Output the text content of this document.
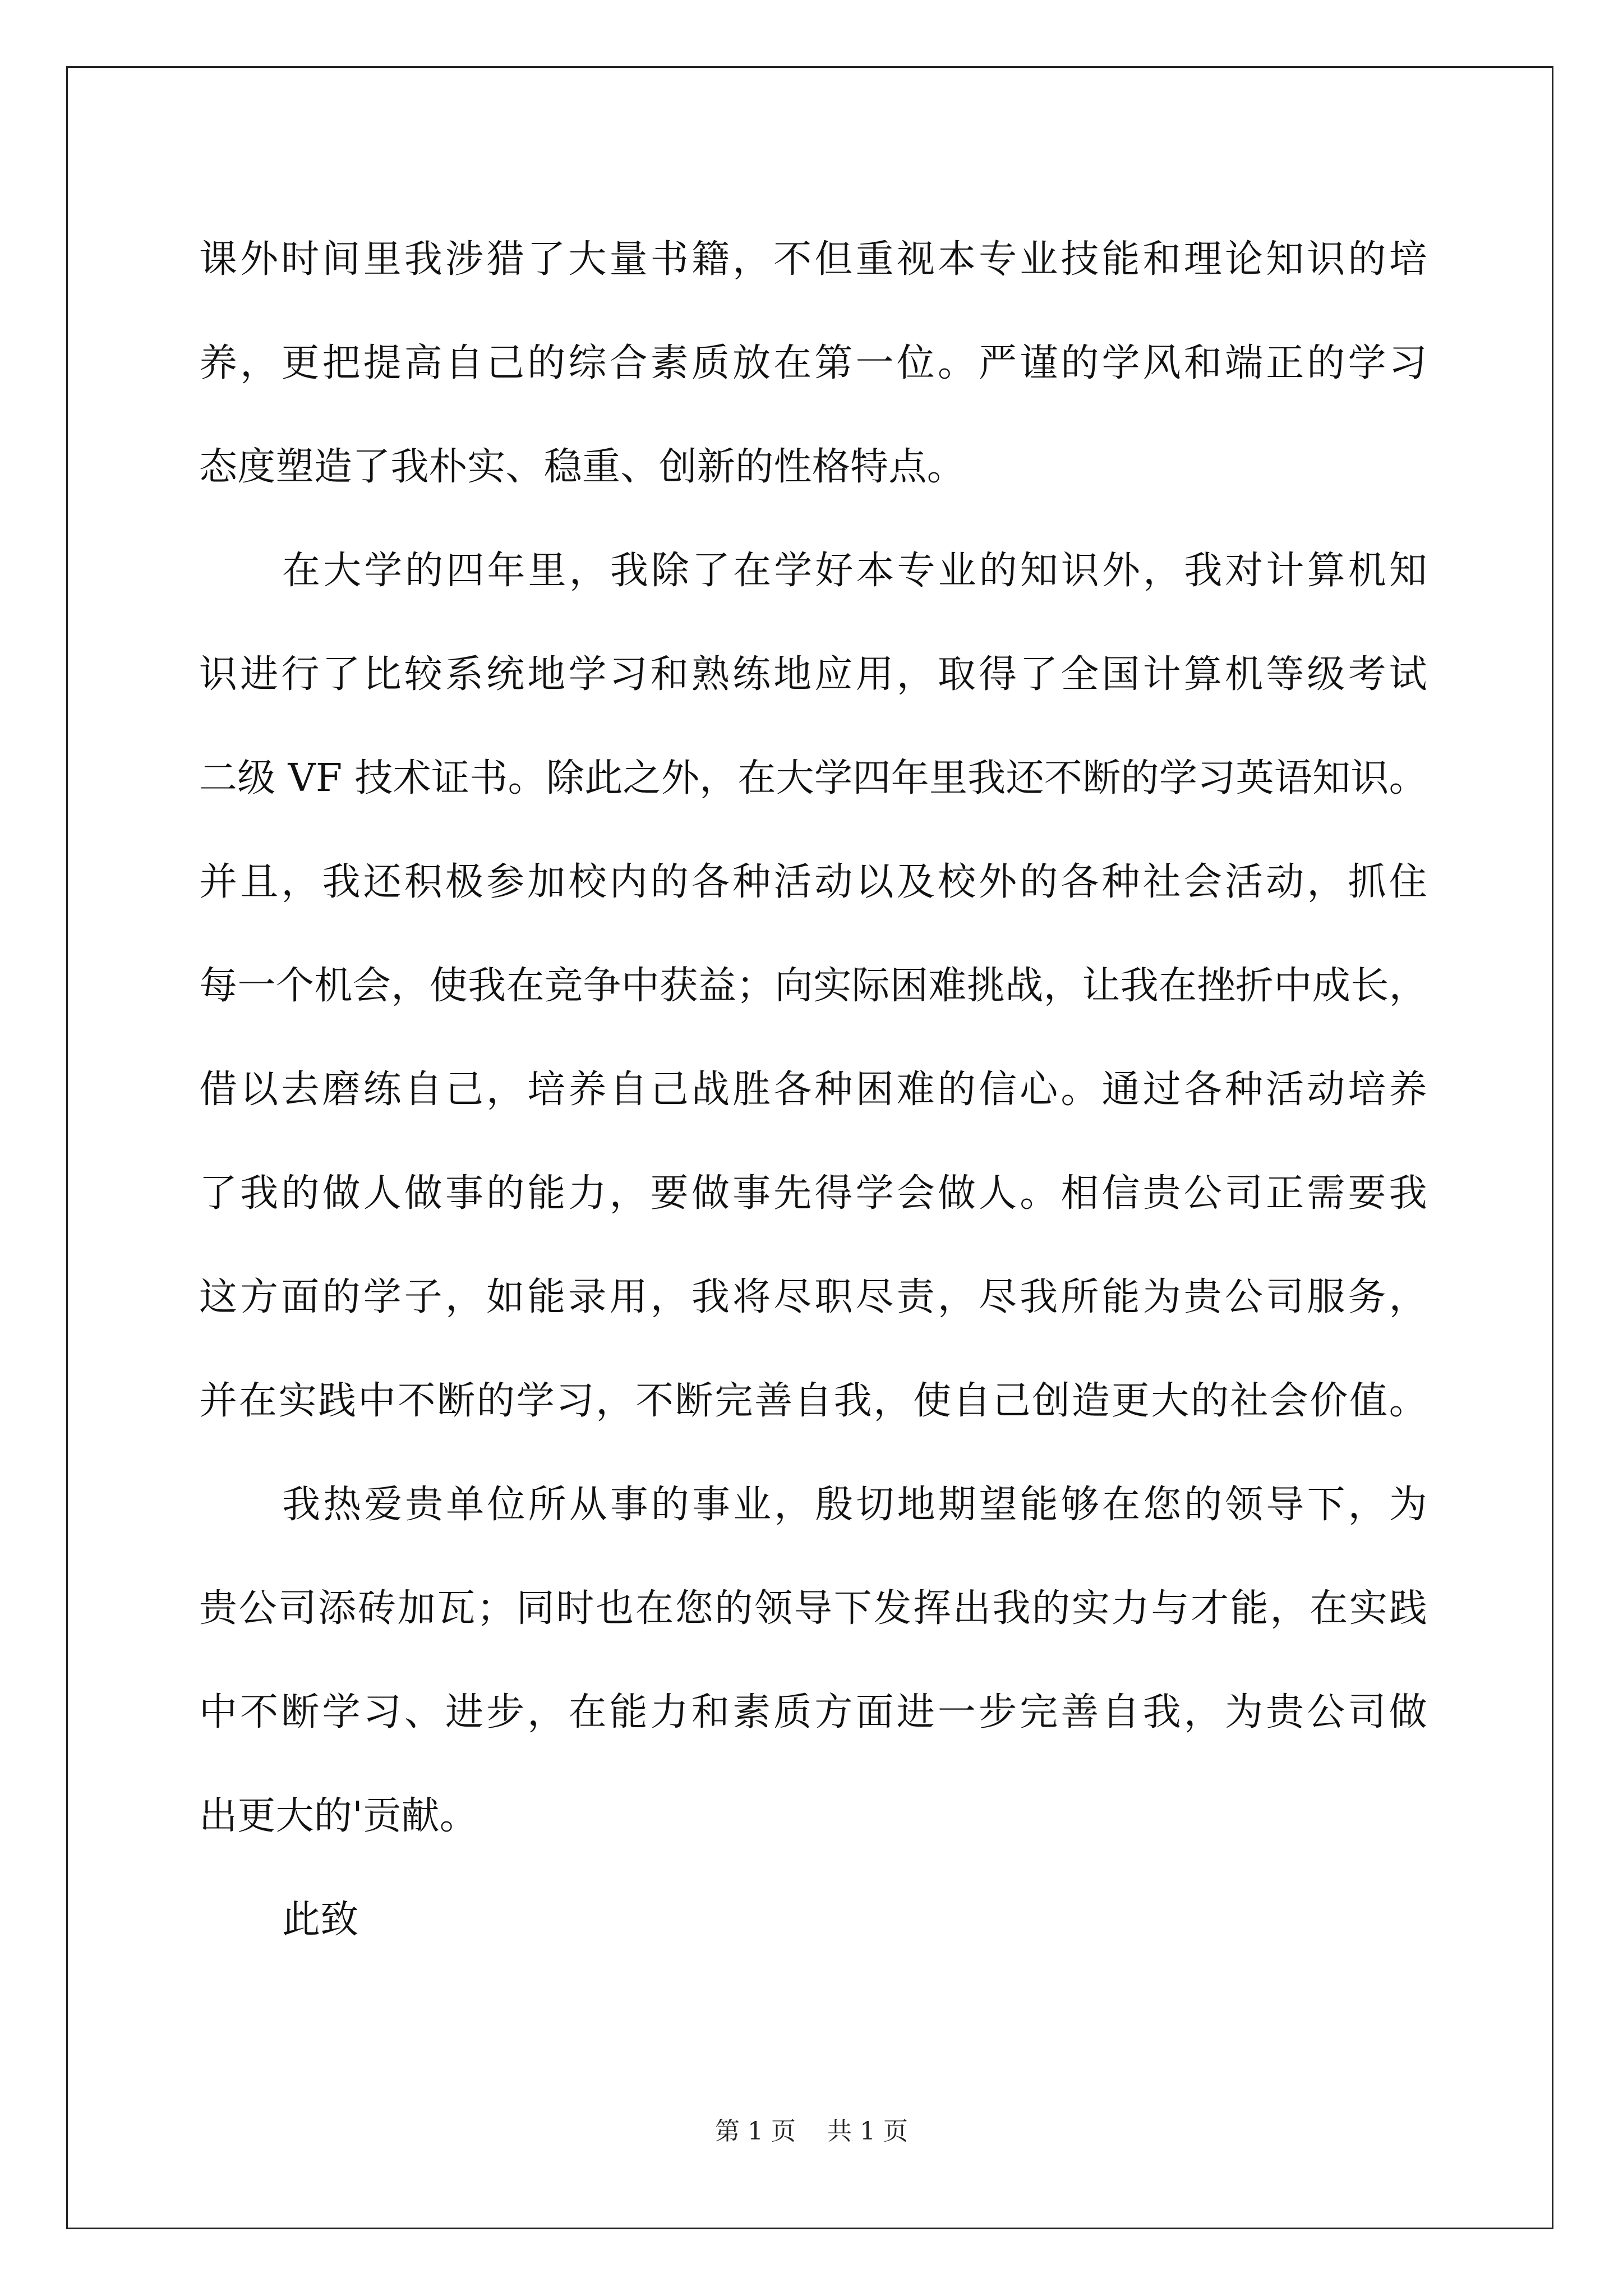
课外时间里我涉猎了大量书籍，不但重视本专业技能和理论知识的培
养，更把提高自己的综合素质放在第一位。严谨的学风和端正的学习
态度塑造了我朴实、稳重、创新的性格特点。
在大学的四年里，我除了在学好本专业的知识外，我对计算机知
识进行了比较系统地学习和熟练地应用，取得了全国计算机等级考试
二级 VF 技术证书。除此之外，在大学四年里我还不断的学习英语知识。
并且，我还积极参加校内的各种活动以及校外的各种社会活动，抓住
每一个机会，使我在竞争中获益；向实际困难挑战，让我在挫折中成长，
借以去磨练自己，培养自己战胜各种困难的信心。通过各种活动培养
了我的做人做事的能力，要做事先得学会做人。相信贵公司正需要我
这方面的学子，如能录用，我将尽职尽责，尽我所能为贵公司服务，
并在实践中不断的学习，不断完善自我，使自己创造更大的社会价值。
我热爱贵单位所从事的事业，殷切地期望能够在您的领导下，为
贵公司添砖加瓦；同时也在您的领导下发挥出我的实力与才能，在实践
中不断学习、进步，在能力和素质方面进一步完善自我，为贵公司做
出更大的'贡献。
此致
第 1 页 共 1 页
